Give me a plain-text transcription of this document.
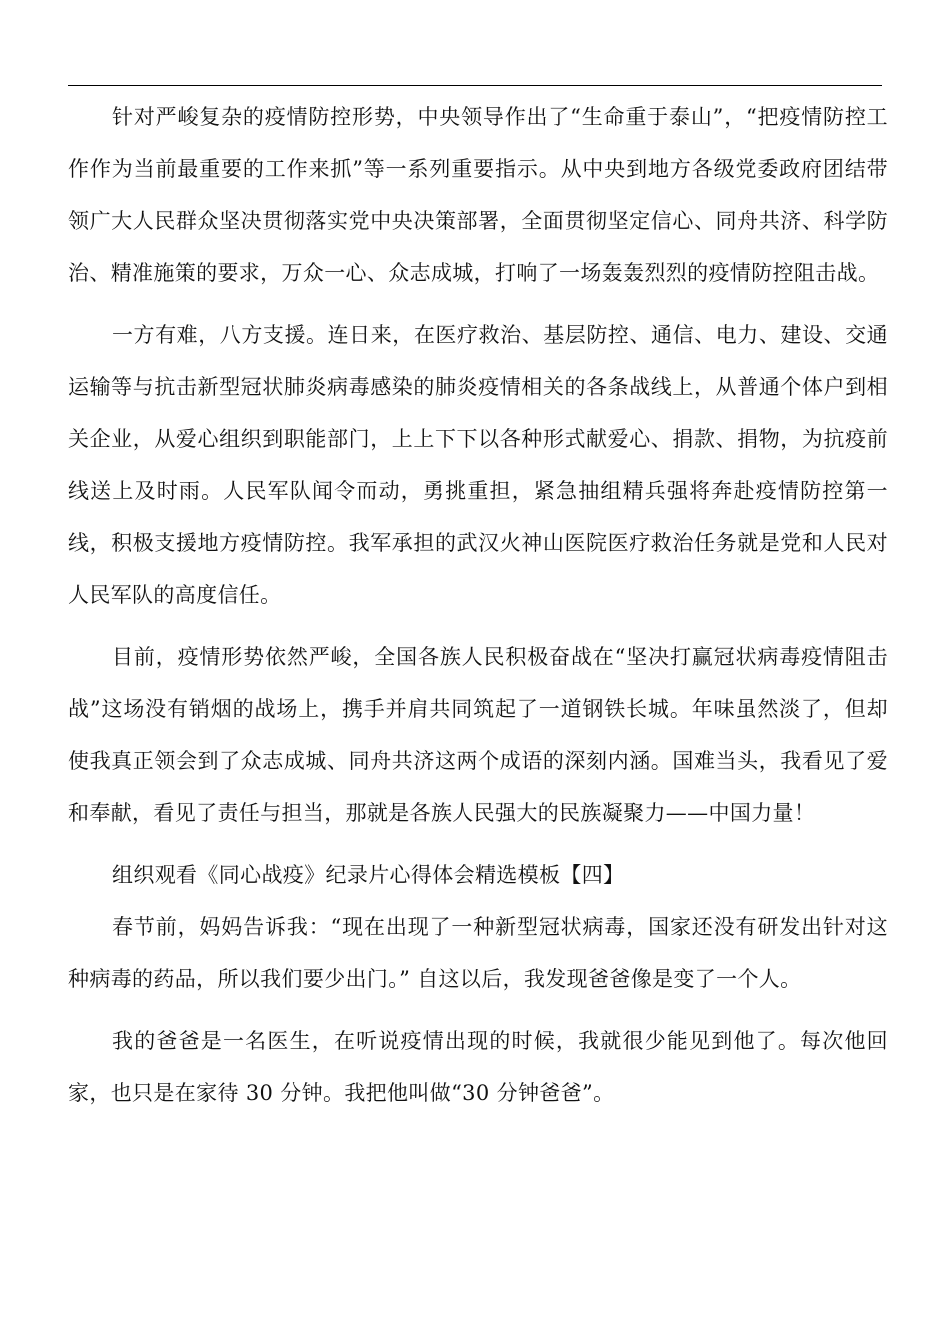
针对严峻复杂的疫情防控形势，中央领导作出了“生命重于泰山”，“把疫情防控工作作为当前最重要的工作来抓”等一系列重要指示。从中央到地方各级党委政府团结带领广大人民群众坚决贯彻落实党中央决策部署，全面贯彻坚定信心、同舟共济、科学防治、精准施策的要求，万众一心、众志成城，打响了一场轰轰烈烈的疫情防控阻击战。

一方有难，八方支援。连日来，在医疗救治、基层防控、通信、电力、建设、交通运输等与抗击新型冠状肺炎病毒感染的肺炎疫情相关的各条战线上，从普通个体户到相关企业，从爱心组织到职能部门，上上下下以各种形式献爱心、捐款、捐物，为抗疫前线送上及时雨。人民军队闻令而动，勇挑重担，紧急抽组精兵强将奔赴疫情防控第一线，积极支援地方疫情防控。我军承担的武汉火神山医院医疗救治任务就是党和人民对人民军队的高度信任。

目前，疫情形势依然严峻，全国各族人民积极奋战在“坚决打赢冠状病毒疫情阻击战”这场没有销烟的战场上，携手并肩共同筑起了一道钢铁长城。年味虽然淡了，但却使我真正领会到了众志成城、同舟共济这两个成语的深刻内涵。国难当头，我看见了爱和奉献，看见了责任与担当，那就是各族人民强大的民族凝聚力——中国力量！

组织观看《同心战疫》纪录片心得体会精选模板【四】

春节前，妈妈告诉我：“现在出现了一种新型冠状病毒，国家还没有研发出针对这种病毒的药品，所以我们要少出门。” 自这以后，我发现爸爸像是变了一个人。

我的爸爸是一名医生，在听说疫情出现的时候，我就很少能见到他了。每次他回家，也只是在家待 30 分钟。我把他叫做“30 分钟爸爸”。
